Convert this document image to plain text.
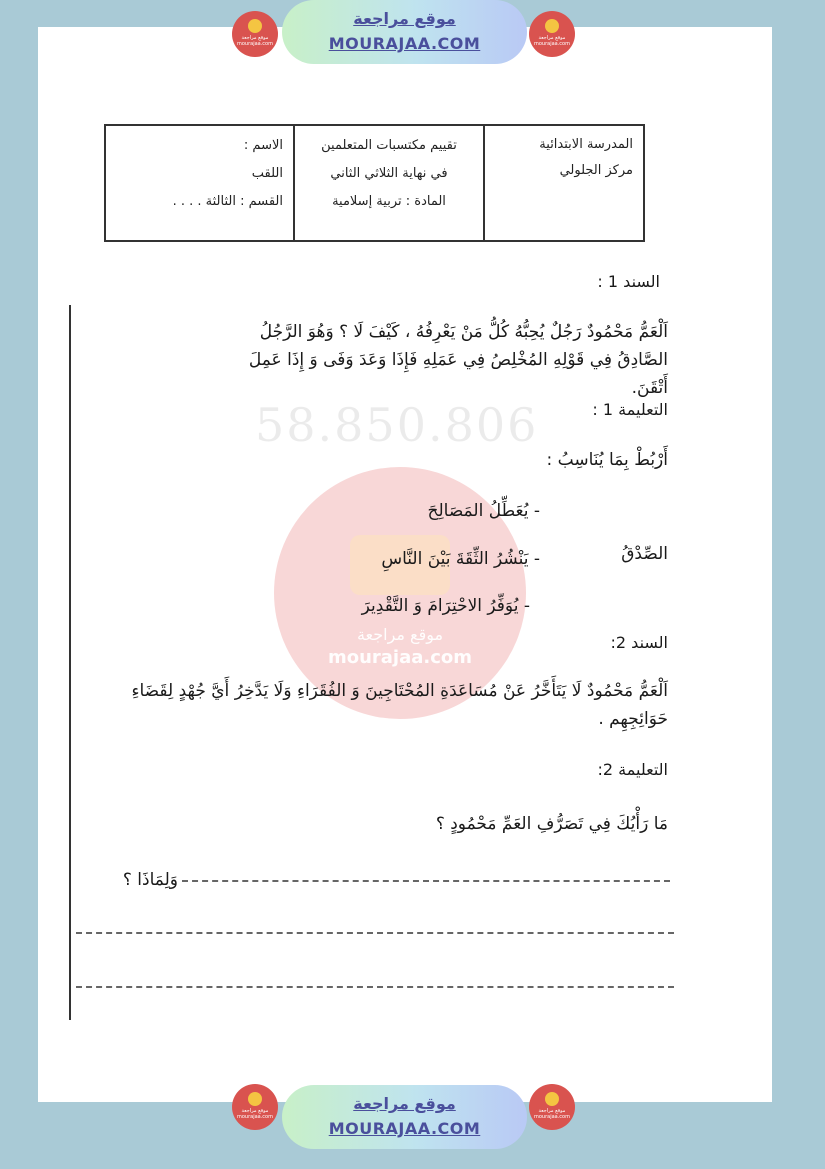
موقع مراجعة
mourajaa.com
موقع مراجعة
MOURAJAA.COM	موقع مراجعة
mourajaa.com
المدرسة الابتدائية
مركز الجلولي
تقييم مكتسبات المتعلمين
في نهاية الثلاثي الثاني
المادة : تربية إسلامية
الاسم :
اللقب
القسم : الثالثة . . . .
58.850.806
موقع مراجعة
mourajaa.com
السند 1 :
اَلْعَمُّ مَحْمُودٌ رَجُلٌ يُحِبُّهُ كُلُّ مَنْ يَعْرِفُهُ ، كَيْفَ لَا ؟ وَهُوَ الرَّجُلُ الصَّادِقُ فِي قَوْلِهِ المُخْلِصُ فِي عَمَلِهِ فَإِذَا وَعَدَ وَفَى وَ إِذَا عَمِلَ أَتْقَنَ.
التعليمة 1 :
أَرْبُطْ بِمَا يُنَاسِبُ :
الصِّدْقُ
- يُعَطِّلُ المَصَالِحَ
- يَنْشُرُ الثِّقَةَ بَيْنَ النَّاسِ
- يُوَفِّرُ الاحْتِرَامَ وَ التَّقْدِيرَ
السند 2:
اَلْعَمُّ مَحْمُودٌ لَا يَتَأَخَّرُ عَنْ مُسَاعَدَةِ المُحْتَاجِينَ وَ الفُقَرَاءِ وَلَا يَدَّخِرُ أَيَّ جُهْدٍ لِقَضَاءِ حَوَائِجِهِم .
التعليمة 2:
مَا رَأْيُكَ فِي تَصَرُّفِ العَمِّ مَحْمُودٍ ؟
وَلِمَاذَا ؟
موقع مراجعة
mourajaa.com
موقع مراجعة
MOURAJAA.COM
موقع مراجعة
mourajaa.com
